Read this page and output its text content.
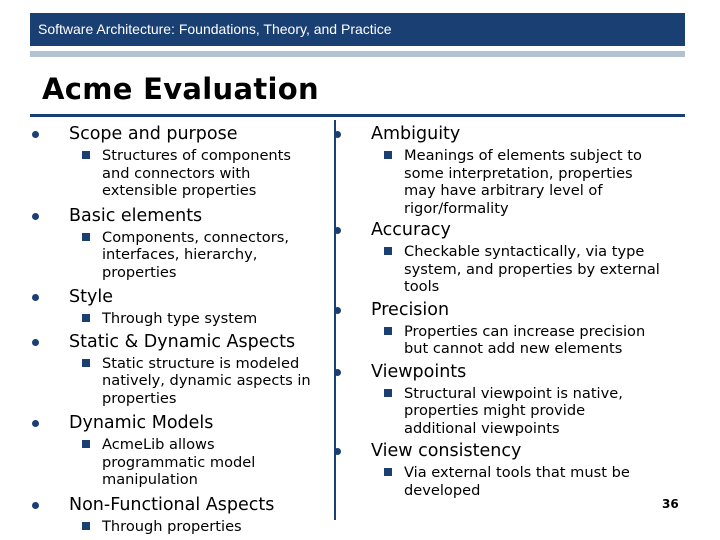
Software Architecture: Foundations, Theory, and Practice
Acme Evaluation
Scope and purpose
Structures of components
and connectors with
extensible properties
Basic elements
Components, connectors,
interfaces, hierarchy,
properties
Style
Through type system
Static & Dynamic Aspects
Static structure is modeled
natively, dynamic aspects in
properties
Dynamic Models
AcmeLib allows
programmatic model
manipulation
Non-Functional Aspects
Through properties
Ambiguity
Meanings of elements subject to
some interpretation, properties
may have arbitrary level of
rigor/formality
Accuracy
Checkable syntactically, via type
system, and properties by external
tools
Precision
Properties can increase precision
but cannot add new elements
Viewpoints
Structural viewpoint is native,
properties might provide
additional viewpoints
View consistency
Via external tools that must be
developed
36
